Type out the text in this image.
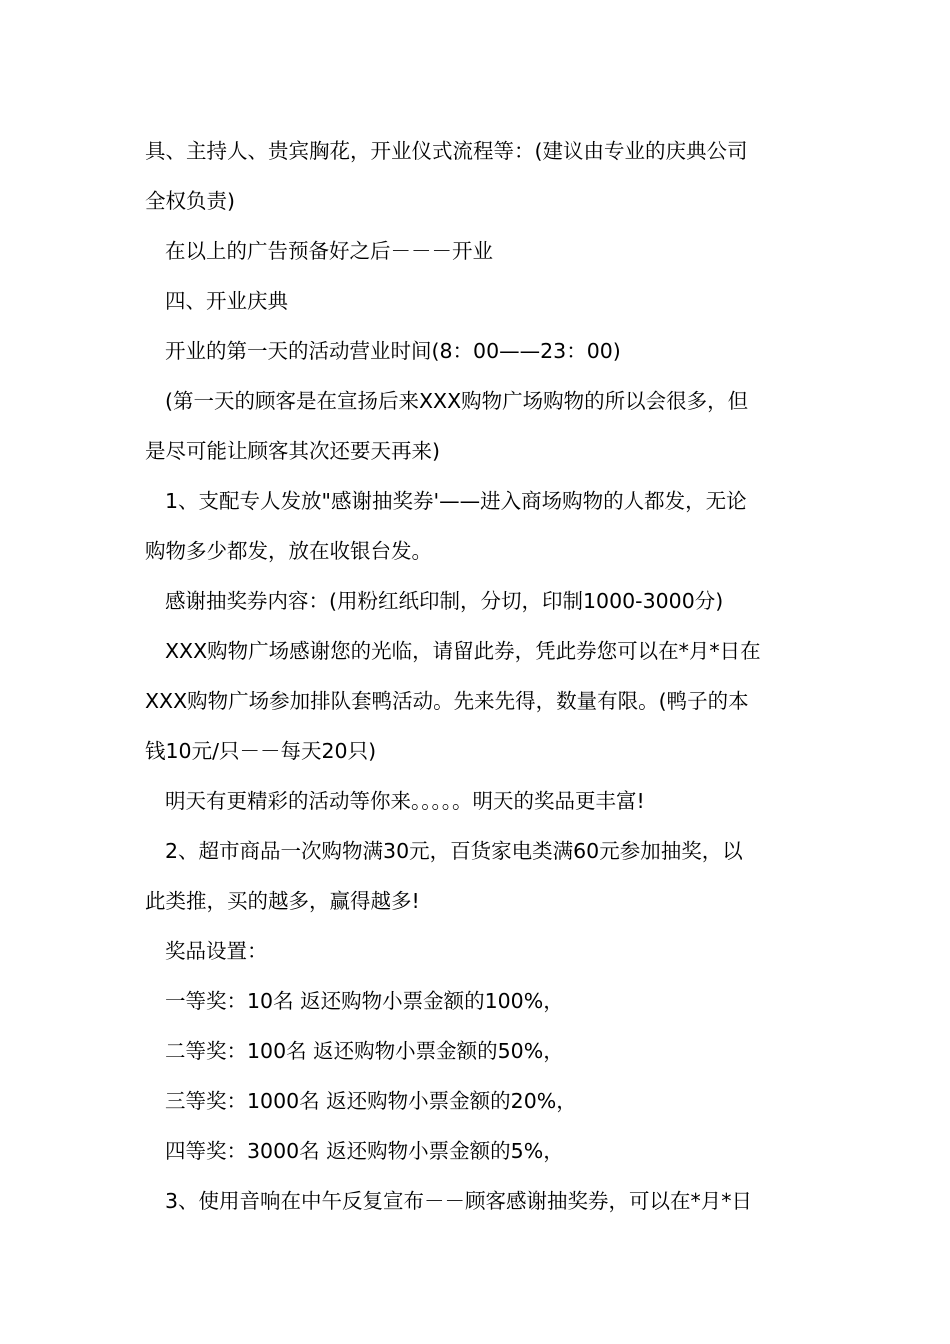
具、主持人、贵宾胸花，开业仪式流程等：(建议由专业的庆典公司
全权负责)
在以上的广告预备好之后－－－开业
四、开业庆典
开业的第一天的活动营业时间(8：00——23：00)
(第一天的顾客是在宣扬后来XXX购物广场购物的所以会很多，但
是尽可能让顾客其次还要天再来)
1、支配专人发放"感谢抽奖券'——进入商场购物的人都发，无论
购物多少都发，放在收银台发。
感谢抽奖券内容：(用粉红纸印制，分切，印制1000-3000分)
XXX购物广场感谢您的光临，请留此券，凭此券您可以在*月*日在
XXX购物广场参加排队套鸭活动。先来先得，数量有限。(鸭子的本
钱10元/只－－每天20只)
明天有更精彩的活动等你来。。。。。明天的奖品更丰富!
2、超市商品一次购物满30元，百货家电类满60元参加抽奖，以
此类推，买的越多，赢得越多!
奖品设置：
一等奖：10名 返还购物小票金额的100%，
二等奖：100名 返还购物小票金额的50%，
三等奖：1000名 返还购物小票金额的20%，
四等奖：3000名 返还购物小票金额的5%，
3、使用音响在中午反复宣布－－顾客感谢抽奖券，可以在*月*日
